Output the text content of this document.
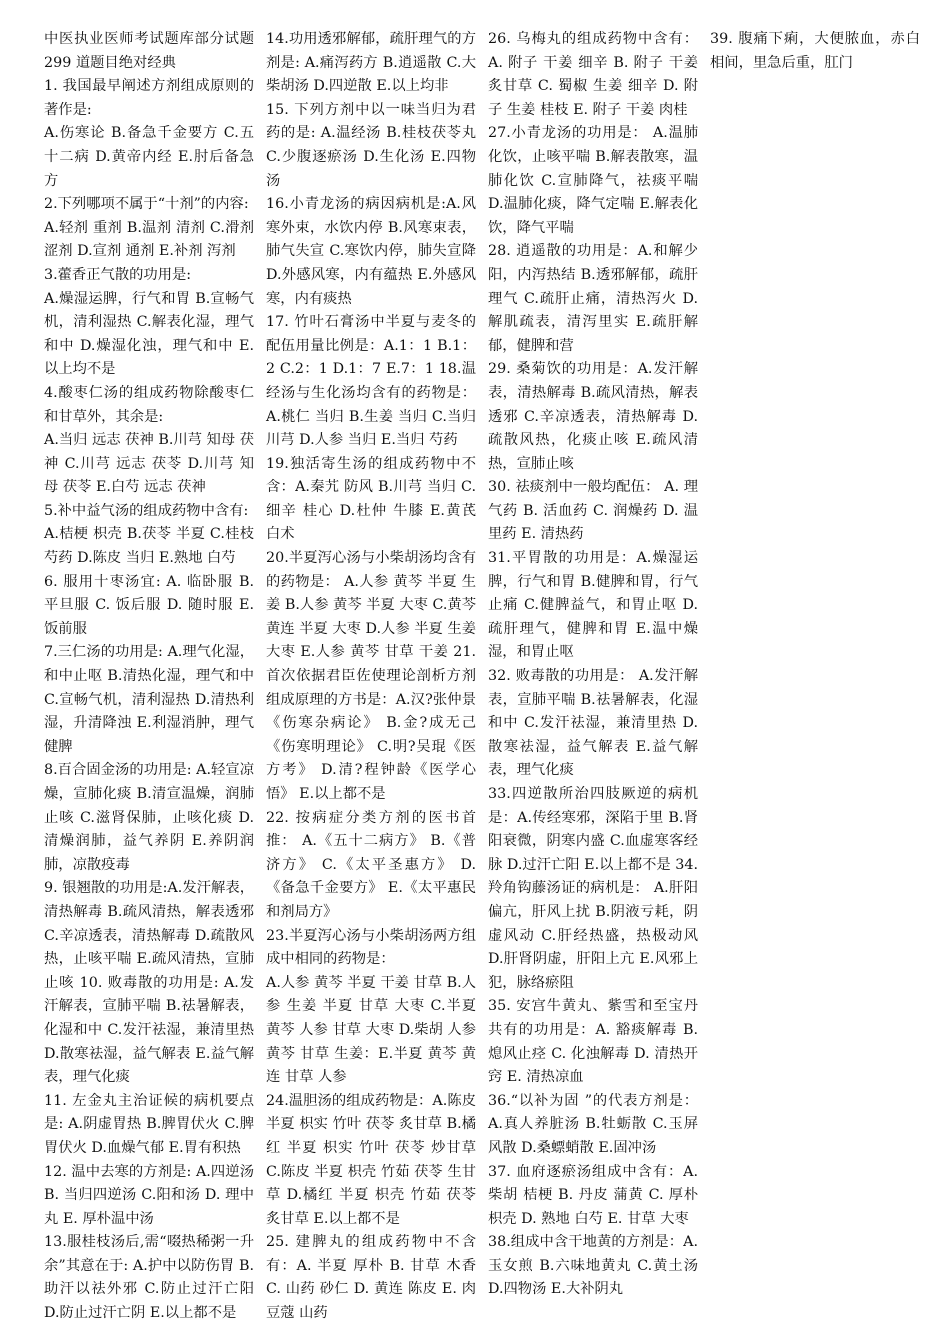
中医执业医师考试题库部分试题 299 道题目绝对经典
1. 我国最早阐述方剂组成原则的著作是:
A.伤寒论 B.备急千金要方 C.五十二病 D.黄帝内经 E.肘后备急方
2.下列哪项不属于“十剂”的内容:
A.轻剂 重剂 B.温剂 清剂 C.滑剂 涩剂 D.宣剂 通剂 E.补剂 泻剂
3.藿香正气散的功用是:
A.燥湿运脾，行气和胃 B.宣畅气机，清利湿热 C.解表化湿，理气和中 D.燥湿化浊，理气和中 E.以上均不是
4.酸枣仁汤的组成药物除酸枣仁和甘草外，其余是:
A.当归 远志 茯神 B.川芎 知母 茯神 C.川芎 远志 茯苓 D.川芎 知母 茯苓 E.白芍 远志 茯神
5.补中益气汤的组成药物中含有:
A.桔梗 枳壳 B.茯苓 半夏 C.桂枝 芍药 D.陈皮 当归 E.熟地 白芍
6. 服用十枣汤宜: A. 临卧服 B. 平旦服 C. 饭后服 D. 随时服 E. 饭前服
7.三仁汤的功用是: A.理气化湿，和中止呕 B.清热化湿，理气和中 C.宣畅气机，清利湿热 D.清热利湿，升清降浊 E.利湿消肿，理气健脾
8.百合固金汤的功用是: A.轻宣凉燥，宣肺化痰 B.清宣温燥，润肺止咳 C.滋肾保肺，止咳化痰 D.清燥润肺，益气养阴 E.养阴润肺，凉散疫毒
9. 银翘散的功用是:A.发汗解表，清热解毒 B.疏风清热，解表透邪 C.辛凉透表，清热解毒 D.疏散风热，止咳平喘 E.疏风清热，宣肺止咳 10. 败毒散的功用是: A.发汗解表，宣肺平喘 B.祛暑解表，化湿和中 C.发汗祛湿，兼清里热 D.散寒祛湿，益气解表 E.益气解表，理气化痰
11. 左金丸主治证候的病机要点是: A.阴虚胃热 B.脾胃伏火 C.脾胃伏火 D.血燥气郁 E.胃有积热
12. 温中去寒的方剂是: A.四逆汤 B. 当归四逆汤 C.阳和汤 D. 理中丸 E. 厚朴温中汤
13.服桂枝汤后,需“啜热稀粥一升余”其意在于: A.护中以防伤胃 B.助汗以祛外邪 C.防止过汗亡阳 D.防止过汗亡阴 E.以上都不是
14.功用透邪解郁，疏肝理气的方剂是: A.痛泻药方 B.逍遥散 C.大柴胡汤 D.四逆散 E.以上均非
15. 下列方剂中以一味当归为君药的是: A.温经汤 B.桂枝茯苓丸 C.少腹逐瘀汤 D.生化汤 E.四物汤
16.小青龙汤的病因病机是:A.风寒外束，水饮内停 B.风寒束表，肺气失宣 C.寒饮内停，肺失宣降 D.外感风寒，内有蕴热 E.外感风寒，内有痰热
17. 竹叶石膏汤中半夏与麦冬的配伍用量比例是：A.1：1 B.1：2 C.2：1 D.1：7 E.7：1 18.温经汤与生化汤均含有的药物是：A.桃仁 当归 B.生姜 当归 C.当归 川芎 D.人参 当归 E.当归 芍药
19.独活寄生汤的组成药物中不含：A.秦艽 防风 B.川芎 当归 C.细辛 桂心 D.杜仲 牛膝 E.黄芪 白术
20.半夏泻心汤与小柴胡汤均含有的药物是： A.人参 黄芩 半夏 生姜 B.人参 黄芩 半夏 大枣 C.黄芩 黄连 半夏 大枣 D.人参 半夏 生姜 大枣 E.人参 黄芩 甘草 干姜 21. 首次依据君臣佐使理论剖析方剂组成原理的方书是：A.汉?张仲景《伤寒杂病论》 B.金?成无己《伤寒明理论》 C.明?吴琨《医方考》 D.清?程钟龄《医学心悟》 E.以上都不是
22. 按病症分类方剂的医书首推： A.《五十二病方》 B.《普济方》 C.《太平圣惠方》 D.《备急千金要方》 E.《太平惠民和剂局方》
23.半夏泻心汤与小柴胡汤两方组成中相同的药物是：
A.人参 黄芩 半夏 干姜 甘草 B.人参 生姜 半夏 甘草 大枣 C.半夏 黄芩 人参 甘草 大枣 D.柴胡 人参 黄芩 甘草 生姜：E.半夏 黄芩 黄连 甘草 人参
24.温胆汤的组成药物是：A.陈皮 半夏 枳实 竹叶 茯苓 炙甘草 B.橘红 半夏 枳实 竹叶 茯苓 炒甘草 C.陈皮 半夏 枳壳 竹茹 茯苓 生甘草 D.橘红 半夏 枳壳 竹茹 茯苓 炙甘草 E.以上都不是
25. 建脾丸的组成药物中不含有：A. 半夏 厚朴 B. 甘草 木香 C. 山药 砂仁 D. 黄连 陈皮 E. 肉豆蔻 山药
26. 乌梅丸的组成药物中含有：A. 附子 干姜 细辛 B. 附子 干姜 炙甘草 C. 蜀椒 生姜 细辛 D. 附子 生姜 桂枝 E. 附子 干姜 肉桂
27.小青龙汤的功用是： A.温肺化饮，止咳平喘 B.解表散寒，温肺化饮 C.宣肺降气，祛痰平喘 D.温肺化痰，降气定喘 E.解表化饮，降气平喘
28. 逍遥散的功用是：A.和解少阳，内泻热结 B.透邪解郁，疏肝理气 C.疏肝止痛，清热泻火 D.解肌疏表，清泻里实 E.疏肝解郁，健脾和营
29. 桑菊饮的功用是：A.发汗解表，清热解毒 B.疏风清热，解表透邪 C.辛凉透表，清热解毒 D.疏散风热，化痰止咳 E.疏风清热，宣肺止咳
30. 祛痰剂中一般均配伍： A. 理气药 B. 活血药 C. 润燥药 D. 温里药 E. 清热药
31.平胃散的功用是：A.燥湿运脾，行气和胃 B.健脾和胃，行气止痛 C.健脾益气，和胃止呕 D.疏肝理气，健脾和胃 E.温中燥湿，和胃止呕
32. 败毒散的功用是： A.发汗解表，宣肺平喘 B.祛暑解表，化湿和中 C.发汗祛湿，兼清里热 D.散寒祛湿，益气解表 E.益气解表，理气化痰
33.四逆散所治四肢厥逆的病机是：A.传经寒邪，深陷于里 B.肾阳衰微，阴寒内盛 C.血虚寒客经脉 D.过汗亡阳 E.以上都不是 34.羚角钩藤汤证的病机是： A.肝阳偏亢，肝风上扰 B.阴液亏耗，阴虚风动 C.肝经热盛，热极动风 D.肝肾阴虚，肝阳上亢 E.风邪上犯，脉络瘀阻
35. 安宫牛黄丸、紫雪和至宝丹共有的功用是：A. 豁痰解毒 B. 熄风止痉 C. 化浊解毒 D. 清热开窍 E. 清热凉血
36.“以补为固 ”的代表方剂是： A.真人养脏汤 B.牡蛎散 C.玉屏风散 D.桑螵蛸散 E.固冲汤
37. 血府逐瘀汤组成中含有：A. 柴胡 桔梗 B. 丹皮 蒲黄 C. 厚朴 枳壳 D. 熟地 白芍 E. 甘草 大枣
38.组成中含干地黄的方剂是：A.玉女煎 B.六味地黄丸 C.黄土汤 D.四物汤 E.大补阴丸
39. 腹痛下痢，大便脓血，赤白相间，里急后重，肛门
